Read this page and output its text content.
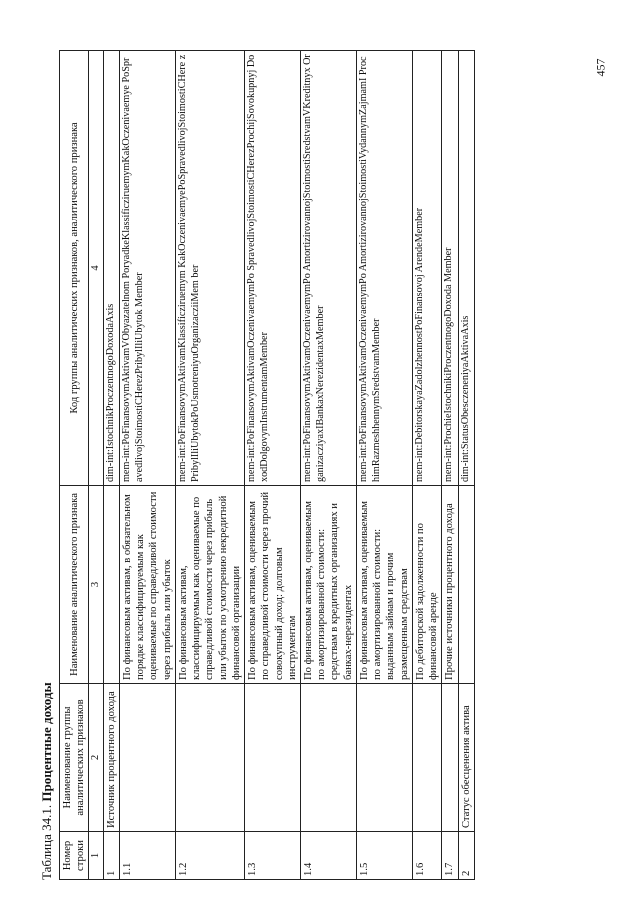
457
Таблица 34.1. Процентные доходы
Номер строки	Наименование группы аналитических признаков	Наименование аналитического признака	Код группы аналитических признаков, аналитического признака
1	2	3	4
1	Источник процентного дохода		dim-int:IstochnikProczentnogoDoxodaAxis
1.1		По финансовым активам, в обязательном порядке классифицируемым как оцениваемые по справедливой стоимости через прибыль или убыток	mem-int:PoFinansovymAktivamVObyazatelnom PoryadkeKlassificziruemymKakOczenivaemye PoSpravedlivojStoimostiCHerezPribylIliUbytok Member
1.2		По финансовым активам, классифицируемым как оцениваемые по справедливой стоимости через прибыль или убыток по усмотрению некредитной финансовой организации	mem-int:PoFinansovymAktivamKlassificziruemym KakOczenivaemyePoSpravedlivojStoimostiCHere zPribylIliUbytokPoUsmotreniyuOrganizacziiMem ber
1.3		По финансовым активам, оцениваемым по справедливой стоимости через прочий совокупный доход: долговым инструментам	mem-int:PoFinansovymAktivamOczenivaemymPo SpravedlivojStoimostiCHerezProchijSovokupnyj DoxodDolgovymInstrumentamMember
1.4		По финансовым активам, оцениваемым по амортизированной стоимости: средствам в кредитных организациях и банках-нерезидентах	mem-int:PoFinansovymAktivamOczenivaemymPo AmortizirovannojStoimostiSredstvamVKreditnyx OrganizacziyaxIBankaxNerezidentaxMember
1.5		По финансовым активам, оцениваемым по амортизированной стоимости: выданным займам и прочим размещенным средствам	mem-int:PoFinansovymAktivamOczenivaemymPo AmortizirovannojStoimostiVydannymZajmamI ProchimRazmeshhennymSredstvamMember
1.6		По дебиторской задолженности по финансовой аренде	mem-int:DebitorskayaZadolzhennostPoFinansovoj ArendeMember
1.7		Прочие источники процентного дохода	mem-int:ProchieIstochnikiProczentnogoDoxoda Member
2	Статус обесценения актива		dim-int:StatusObesczeneniyaAktivaAxis
